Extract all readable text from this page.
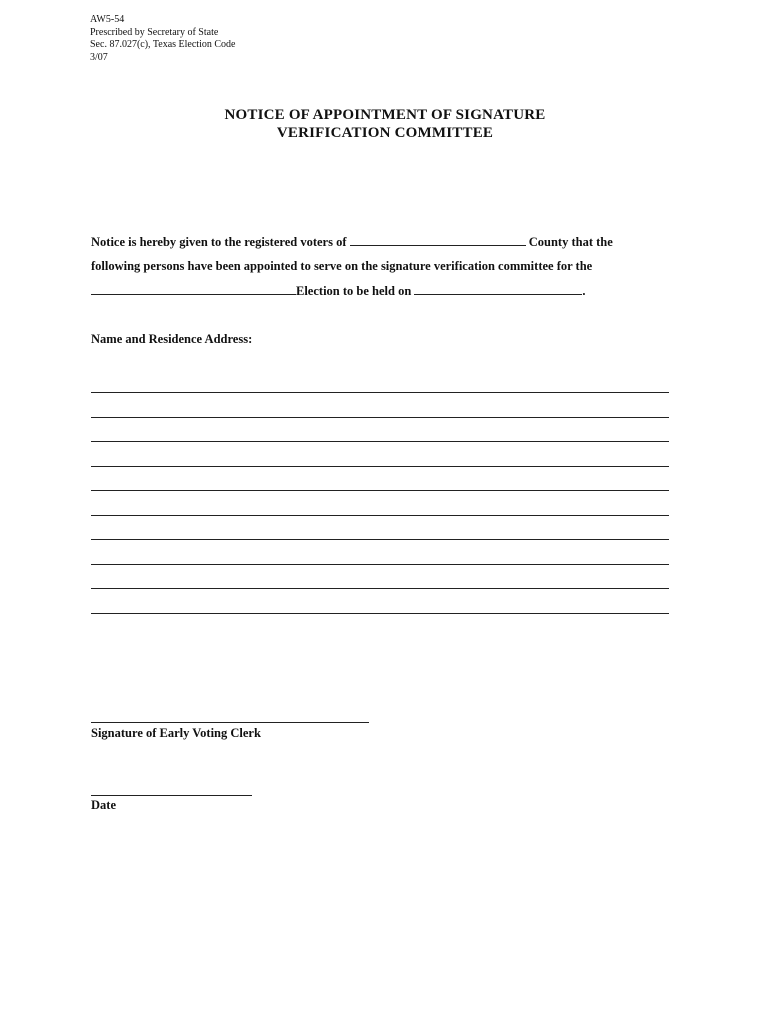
AW5-54
Prescribed by Secretary of State
Sec. 87.027(c), Texas Election Code
3/07
NOTICE OF APPOINTMENT OF SIGNATURE
VERIFICATION COMMITTEE
Notice is hereby given to the registered voters of	County that the
following persons have been appointed to serve on the signature verification committee for the
Election to be held on	.
Name and Residence Address:
Signature of Early Voting Clerk
Date
